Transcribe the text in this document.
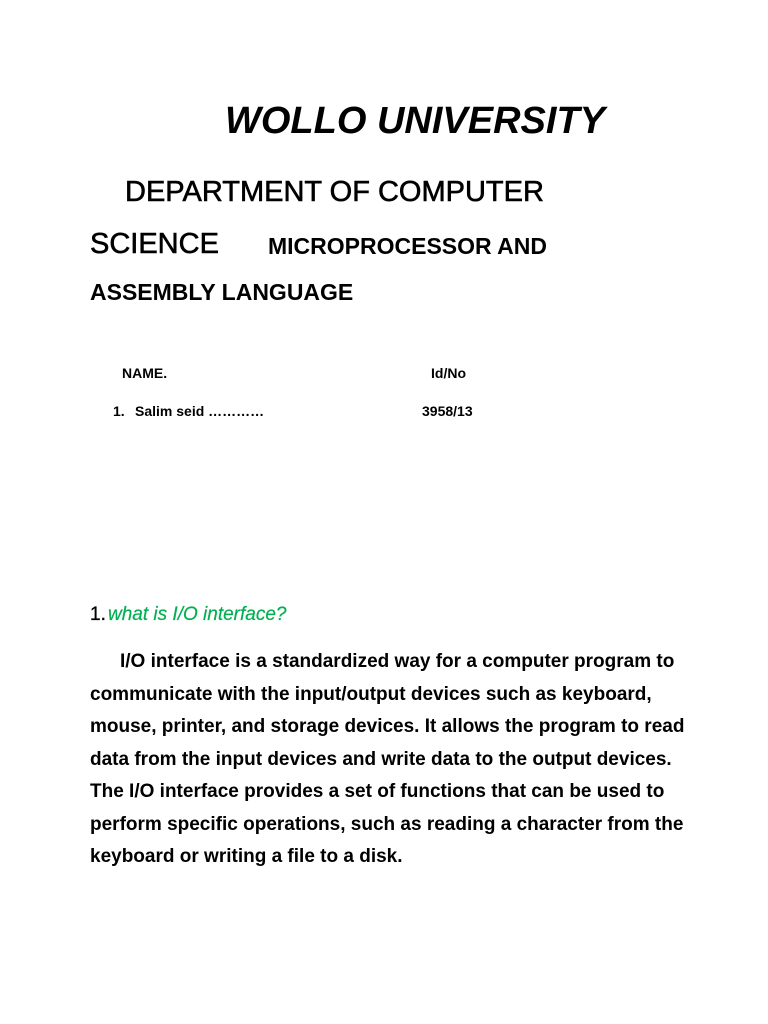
WOLLO UNIVERSITY
DEPARTMENT OF COMPUTER
SCIENCE MICROPROCESSOR AND
ASSEMBLY LANGUAGE
NAME.	Id/No
1. Salim seid …………	3958/13
1. what is I/O interface?

I/O interface is a standardized way for a computer program to communicate with the input/output devices such as keyboard, mouse, printer, and storage devices. It allows the program to read data from the input devices and write data to the output devices. The I/O interface provides a set of functions that can be used to perform specific operations, such as reading a character from the keyboard or writing a file to a disk.
